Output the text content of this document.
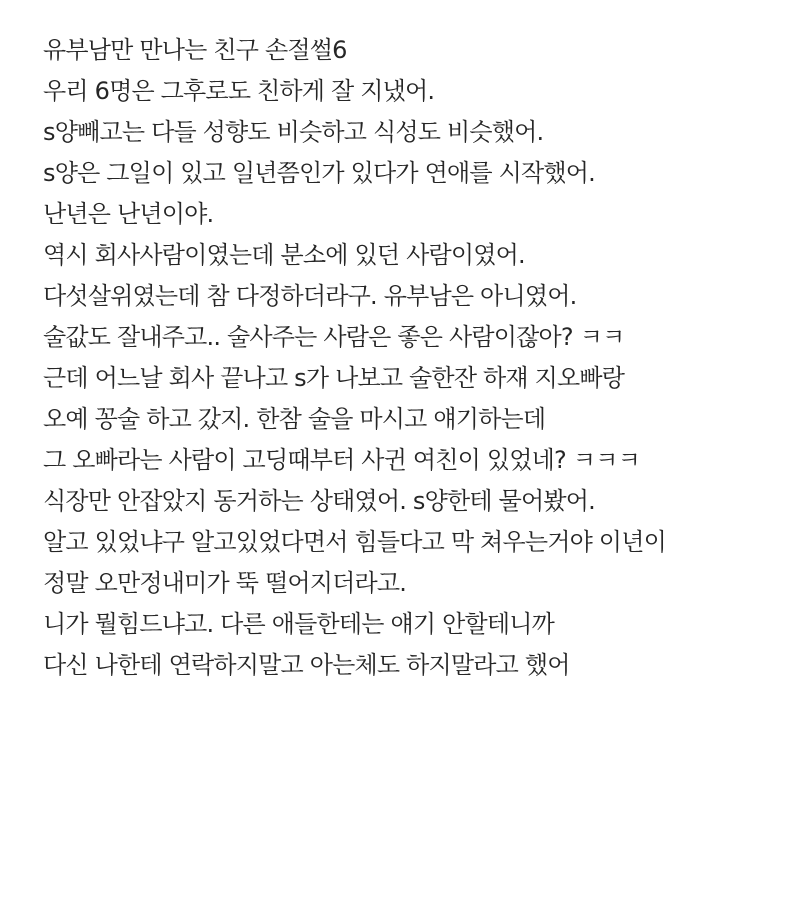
유부남만 만나는 친구 손절썰6
우리 6명은 그후로도 친하게 잘 지냈어.
s양빼고는 다들 성향도 비슷하고 식성도 비슷했어.
s양은 그일이 있고 일년쯤인가 있다가 연애를 시작했어.
난년은 난년이야.
역시 회사사람이였는데 분소에 있던 사람이였어.
다섯살위였는데 참 다정하더라구. 유부남은 아니였어.
술값도 잘내주고.. 술사주는 사람은 좋은 사람이잖아? ㅋㅋ
근데 어느날 회사 끝나고 s가 나보고 술한잔 하쟤 지오빠랑
오예 꽁술 하고 갔지. 한참 술을 마시고 얘기하는데
그 오빠라는 사람이 고딩때부터 사귄 여친이 있었네? ㅋㅋㅋ
식장만 안잡았지 동거하는 상태였어. s양한테 물어봤어.
알고 있었냐구 알고있었다면서 힘들다고 막 쳐우는거야 이년이
정말 오만정내미가 뚝 떨어지더라고.
니가 뭘힘드냐고. 다른 애들한테는 얘기 안할테니까
다신 나한테 연락하지말고 아는체도 하지말라고 했어
